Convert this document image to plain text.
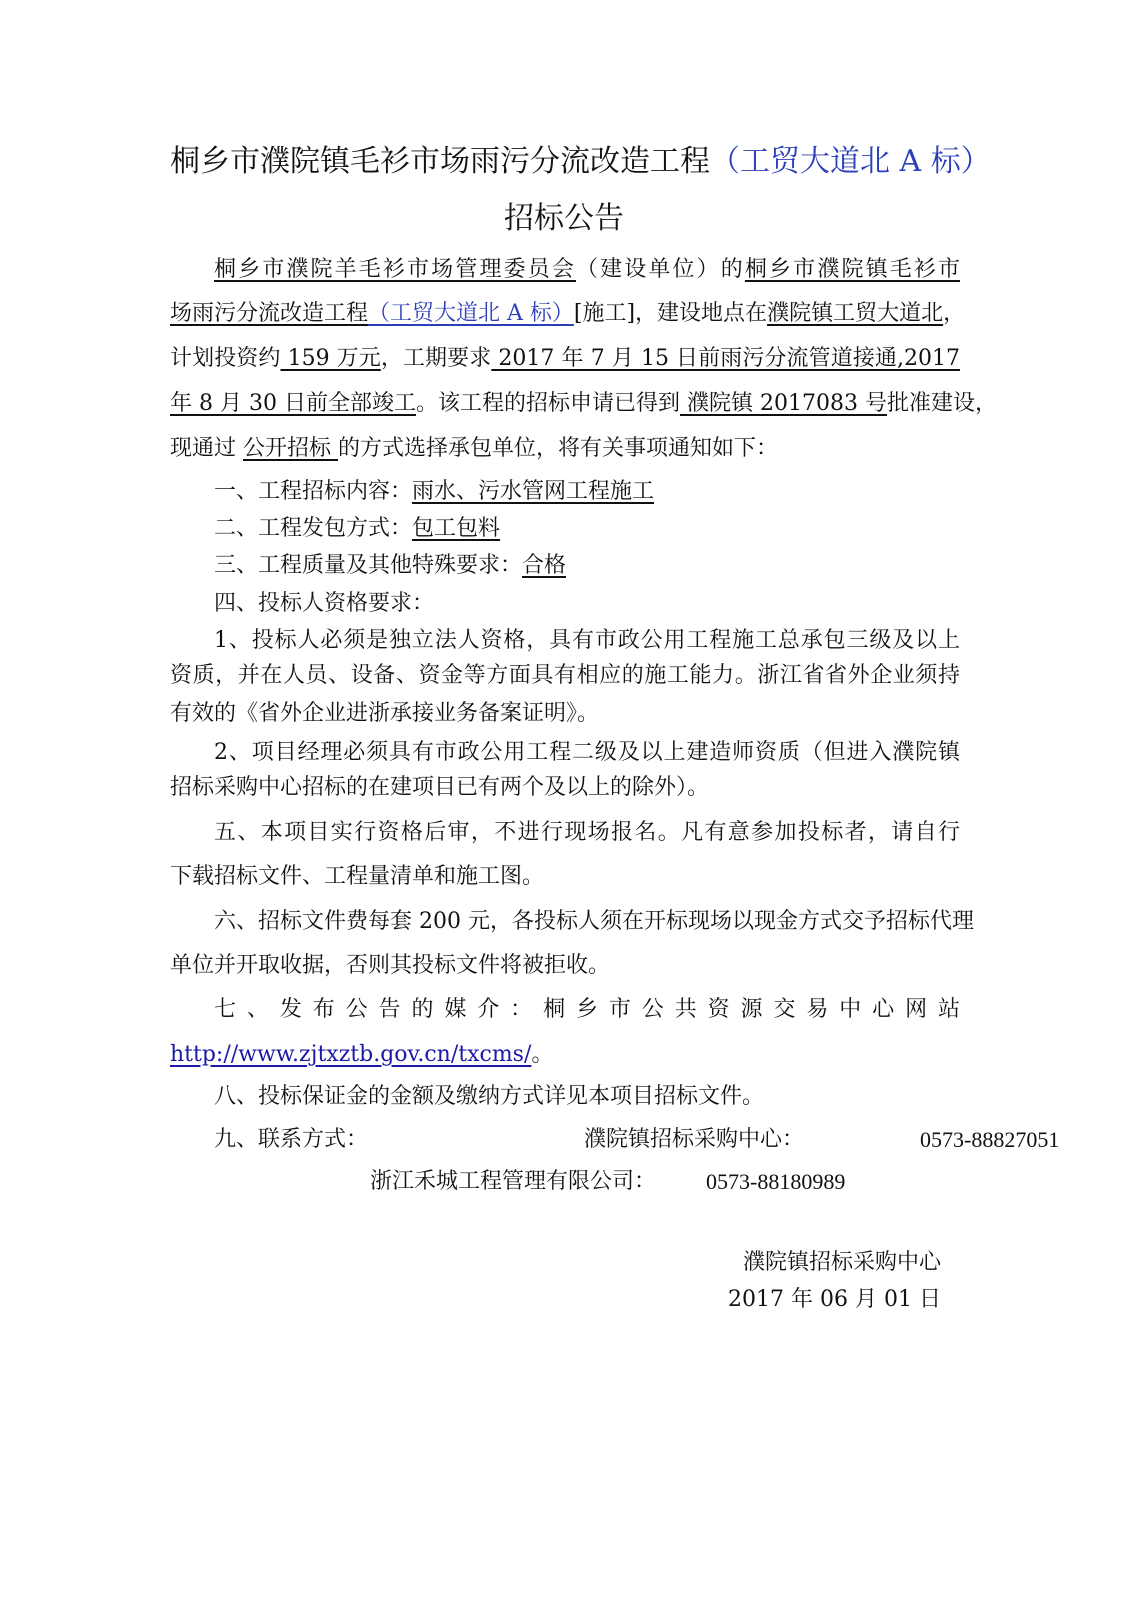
桐乡市濮院镇毛衫市场雨污分流改造工程（工贸大道北 A 标）
招标公告
桐乡市濮院羊毛衫市场管理委员会（建设单位）的桐乡市濮院镇毛衫市
场雨污分流改造工程（工贸大道北 A 标）[施工]，建设地点在濮院镇工贸大道北，
计划投资约 159 万元，工期要求 2017 年 7 月 15 日前雨污分流管道接通,2017
年 8 月 30 日前全部竣工。该工程的招标申请已得到 濮院镇 2017083 号批准建设，
现通过 公开招标 的方式选择承包单位，将有关事项通知如下：
一、工程招标内容：雨水、污水管网工程施工
二、工程发包方式：包工包料
三、工程质量及其他特殊要求：合格
四、投标人资格要求：
1、投标人必须是独立法人资格，具有市政公用工程施工总承包三级及以上
资质，并在人员、设备、资金等方面具有相应的施工能力。浙江省省外企业须持
有效的《省外企业进浙承接业务备案证明》。
2、项目经理必须具有市政公用工程二级及以上建造师资质（但进入濮院镇
招标采购中心招标的在建项目已有两个及以上的除外）。
五、本项目实行资格后审，不进行现场报名。凡有意参加投标者，请自行
下载招标文件、工程量清单和施工图。
六、招标文件费每套 200 元，各投标人须在开标现场以现金方式交予招标代理
单位并开取收据，否则其投标文件将被拒收。
七、发布公告的媒介：桐乡市公共资源交易中心网站
http://www.zjtxztb.gov.cn/txcms/。
八、投标保证金的金额及缴纳方式详见本项目招标文件。
九、联系方式：	濮院镇招标采购中心：	0573-88827051
浙江禾城工程管理有限公司： 0573-88180989
濮院镇招标采购中心
2017 年 06 月 01 日
